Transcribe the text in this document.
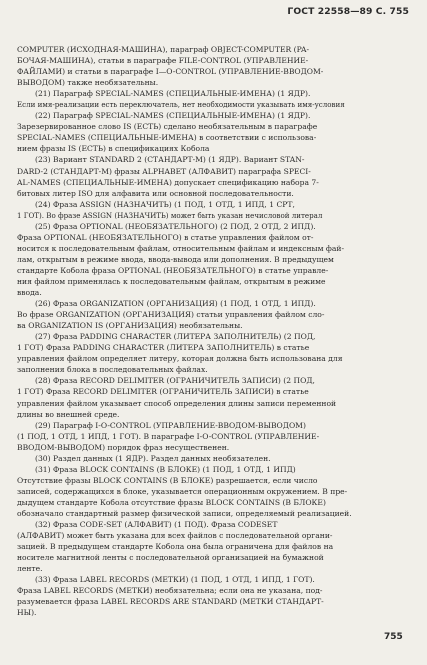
ГОСТ 22558—89 С. 755
COMPUTER (ИСХОДНАЯ-МАШИНА), параграф OBJECT-COMPUTER (PA-
БОЧАЯ-МАШИНА), статьи в параграфе FILE-CONTROL (УПРАВЛЕНИЕ-
ФАЙЛАМИ) и статьи в параграфе I—O-CONTROL (УПРАВЛЕНИЕ-ВВОДОМ-
ВЫВОДОМ) также необязательны.
(21) Параграф SPECIAL-NAMES (СПЕЦИАЛЬНЫЕ-ИМЕНА) (1 ЯДР).
Если имя-реализации есть переключатель, нет необходимости указывать имя-условия
(22) Параграф SPECIAL-NAMES (СПЕЦИАЛЬНЫЕ-ИМЕНА) (1 ЯДР).
Зарезервированное слово IS (ЕСТЬ) сделано необязательным в параграфе
SPECIAL-NAMES (СПЕЦИАЛЬНЫЕ-ИМЕНА) в соответствии с использова-
нием фразы IS (ЕСТЬ) в спецификациях Кобола
(23) Вариант STANDARD 2 (СТАНДАРТ-М) (1 ЯДР). Вариант STAN-
DARD-2 (СТАНДАРТ-М) фразы ALPHABET (АЛФАВИТ) параграфа SPECI-
AL-NAMES (СПЕЦИАЛЬНЫЕ-ИМЕНА) допускает спецификацию набора 7-
битовых литер ISO для алфавита или основной последовательности.
(24) Фраза ASSIGN (НАЗНАЧИТЬ) (1 ПОД, 1 ОТД, 1 ИПД, 1 СРТ,
1 ГОТ). Во фразе ASSIGN (НАЗНАЧИТЬ) может быть указан нечисловой литерал
(25) Фраза OPTIONAL (НЕОБЯЗАТЕЛЬНОГО) (2 ПОД, 2 ОТД, 2 ИПД).
Фраза OPTIONAL (НЕОБЯЗАТЕЛЬНОГО) в статье управления файлом от-
носится к последовательным файлам, относительным файлам и индексным фай-
лам, открытым в режиме ввода, ввода-вывода или дополнения. В предыдущем
стандарте Кобола фраза OPTIONAL (НЕОБЯЗАТЕЛЬНОГО) в статье управле-
ния файлом применялась к последовательным файлам, открытым в режиме
ввода.
(26) Фраза ORGANIZATION (ОРГАНИЗАЦИЯ) (1 ПОД, 1 ОТД, 1 ИПД).
Во фразе ORGANIZATION (ОРГАНИЗАЦИЯ) статьи управления файлом сло-
ва ORGANIZATION IS (ОРГАНИЗАЦИЯ) необязательны.
(27) Фраза PADDING CHARACTER (ЛИТЕРА ЗАПОЛНИТЕЛЬ) (2 ПОД,
1 ГОТ) Фраза PADDING CHARACTER (ЛИТЕРА ЗАПОЛНИТЕЛЬ) в статье
управления файлом определяет литеру, которая должна быть использована для
заполнения блока в последовательных файлах.
(28) Фраза RECORD DELIMITER (ОГРАНИЧИТЕЛЬ ЗАПИСИ) (2 ПОД,
1 ГОТ) Фраза RECORD DELIMITER (ОГРАНИЧИТЕЛЬ ЗАПИСИ) в статье
управления файлом указывает способ определения длины записи переменной
длины во внешней среде.
(29) Параграф I-O-CONTROL (УПРАВЛЕНИЕ-ВВОДОМ-ВЫВОДОМ)
(1 ПОД, 1 ОТД, 1 ИПД, 1 ГОТ). В параграфе I-O-CONTROL (УПРАВЛЕНИЕ-
ВВОДОМ-ВЫВОДОМ) порядок фраз несущественен.
(30) Раздел данных (1 ЯДР). Раздел данных необязателен.
(31) Фраза BLOCK CONTAINS (В БЛОКЕ) (1 ПОД, 1 ОТД, 1 ИПД)
Отсутствие фразы BLOCK CONTAINS (В БЛОКЕ) разрешается, если число
записей, содержащихся в блоке, указывается операционным окружением. В пре-
дыдущем стандарте Кобола отсутствие фразы BLOCK CONTAINS (В БЛОКЕ)
обозначало стандартный размер физической записи, определяемый реализацией.
(32) Фраза CODE-SET (АЛФАВИТ) (1 ПОД). Фраза CODESET
(АЛФАВИТ) может быть указана для всех файлов с последовательной органи-
зацией. В предыдущем стандарте Кобола она была ограничена для файлов на
носителе магнитной ленты с последовательной организацией на бумажной
ленте.
(33) Фраза LABEL RECORDS (МЕТКИ) (1 ПОД, 1 ОТД, 1 ИПД, 1 ГОТ).
Фраза LABEL RECORDS (МЕТКИ) необязательна; если она не указана, под-
разумевается фраза LABEL RECORDS ARE STANDARD (МЕТКИ СТАНДАРТ-
НЫ).
755
